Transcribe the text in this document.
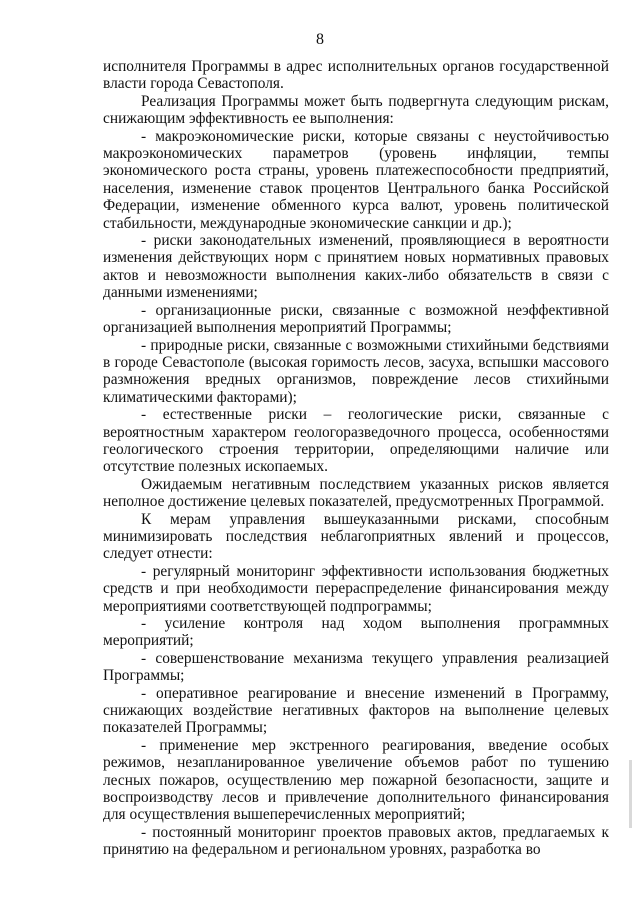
8

исполнителя Программы в адрес исполнительных органов государственной власти города Севастополя.

Реализация Программы может быть подвергнута следующим рискам, снижающим эффективность ее выполнения:

- макроэкономические риски, которые связаны с неустойчивостью макроэкономических параметров (уровень инфляции, темпы экономического роста страны, уровень платежеспособности предприятий, населения, изменение ставок процентов Центрального банка Российской Федерации, изменение обменного курса валют, уровень политической стабильности, международные экономические санкции и др.);

- риски законодательных изменений, проявляющиеся в вероятности изменения действующих норм с принятием новых нормативных правовых актов и невозможности выполнения каких-либо обязательств в связи с данными изменениями;

- организационные риски, связанные с возможной неэффективной организацией выполнения мероприятий Программы;

- природные риски, связанные с возможными стихийными бедствиями в городе Севастополе (высокая горимость лесов, засуха, вспышки массового размножения вредных организмов, повреждение лесов стихийными климатическими факторами);

- естественные риски – геологические риски, связанные с вероятностным характером геологоразведочного процесса, особенностями геологического строения территории, определяющими наличие или отсутствие полезных ископаемых.

Ожидаемым негативным последствием указанных рисков является неполное достижение целевых показателей, предусмотренных Программой.

К мерам управления вышеуказанными рисками, способным минимизировать последствия неблагоприятных явлений и процессов, следует отнести:

- регулярный мониторинг эффективности использования бюджетных средств и при необходимости перераспределение финансирования между мероприятиями соответствующей подпрограммы;

- усиление контроля над ходом выполнения программных мероприятий;

- совершенствование механизма текущего управления реализацией Программы;

- оперативное реагирование и внесение изменений в Программу, снижающих воздействие негативных факторов на выполнение целевых показателей Программы;

- применение мер экстренного реагирования, введение особых режимов, незапланированное увеличение объемов работ по тушению лесных пожаров, осуществлению мер пожарной безопасности, защите и воспроизводству лесов и привлечение дополнительного финансирования для осуществления вышеперечисленных мероприятий;

- постоянный мониторинг проектов правовых актов, предлагаемых к принятию на федеральном и региональном уровнях, разработка во
